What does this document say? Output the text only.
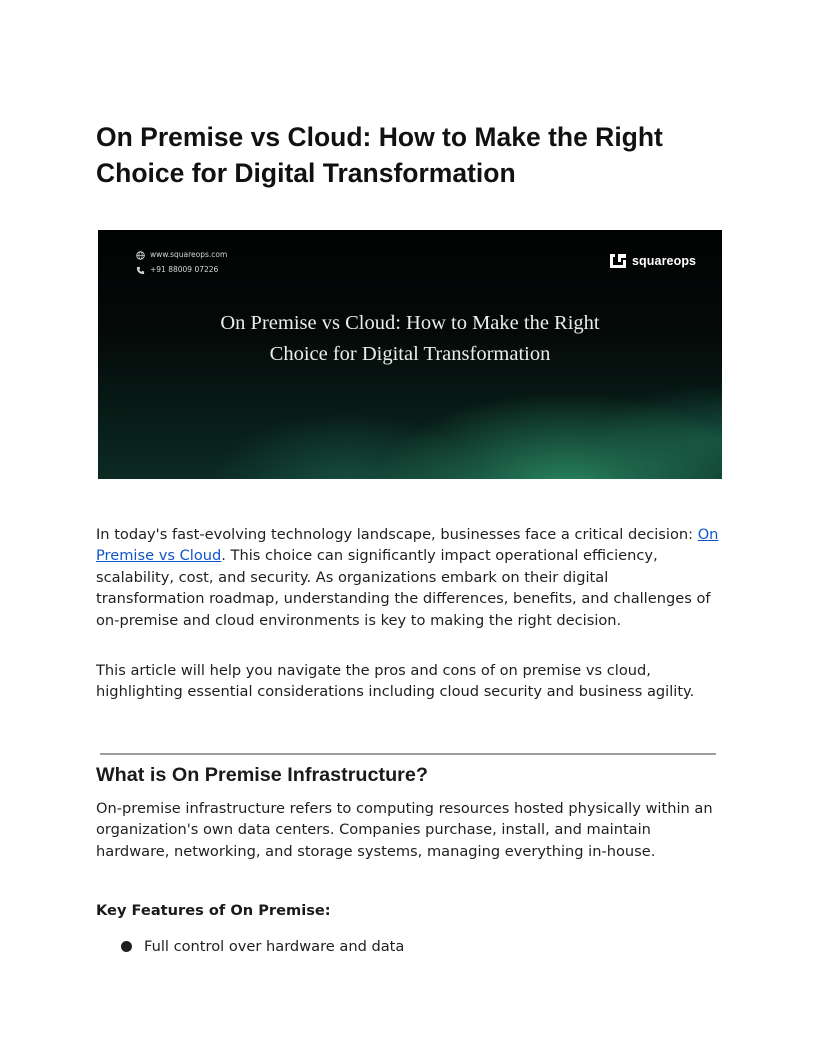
On Premise vs Cloud: How to Make the Right Choice for Digital Transformation
www.squareops.com
+91 88009 07226
squareops
On Premise vs Cloud: How to Make the Right
Choice for Digital Transformation

In today's fast-evolving technology landscape, businesses face a critical decision: On Premise vs Cloud. This choice can significantly impact operational efficiency, scalability, cost, and security. As organizations embark on their digital transformation roadmap, understanding the differences, benefits, and challenges of on-premise and cloud environments is key to making the right decision.

This article will help you navigate the pros and cons of on premise vs cloud, highlighting essential considerations including cloud security and business agility.

What is On Premise Infrastructure?

On-premise infrastructure refers to computing resources hosted physically within an organization's own data centers. Companies purchase, install, and maintain hardware, networking, and storage systems, managing everything in-house.

Key Features of On Premise:
Full control over hardware and data
